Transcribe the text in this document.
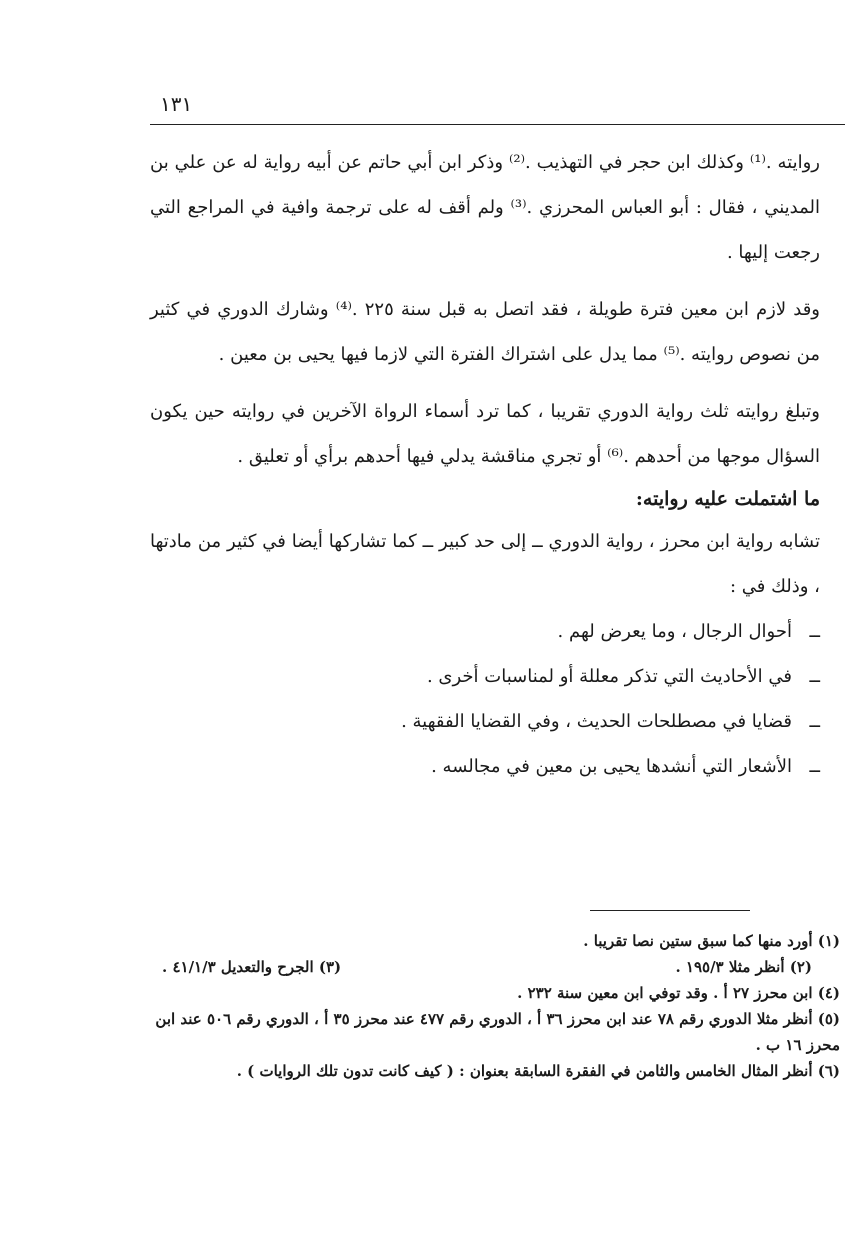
١٣١

روايته .⁽¹⁾ وكذلك ابن حجر في التهذيب .⁽²⁾ وذكر ابن أبي حاتم عن أبيه رواية له عن علي بن المديني ، فقال : أبو العباس المحرزي .⁽³⁾ ولم أقف له على ترجمة وافية في المراجع التي رجعت إليها .

وقد لازم ابن معين فترة طويلة ، فقد اتصل به قبل سنة ٢٢٥ .⁽⁴⁾ وشارك الدوري في كثير من نصوص روايته .⁽⁵⁾ مما يدل على اشتراك الفترة التي لازما فيها يحيى بن معين .

وتبلغ روايته ثلث رواية الدوري تقريبا ، كما ترد أسماء الرواة الآخرين في روايته حين يكون السؤال موجها من أحدهم .⁽⁶⁾ أو تجري مناقشة يدلي فيها أحدهم برأي أو تعليق .

ما اشتملت عليه روايته:

تشابه رواية ابن محرز ، رواية الدوري ــ إلى حد كبير ــ كما تشاركها أيضا في كثير من مادتها ، وذلك في :

ــأحوال الرجال ، وما يعرض لهم .

ــفي الأحاديث التي تذكر معللة أو لمناسبات أخرى .

ــقضايا في مصطلحات الحديث ، وفي القضايا الفقهية .

ــالأشعار التي أنشدها يحيى بن معين في مجالسه .

(١) أورد منها كما سبق ستين نصا تقريبا .

(٢) أنظر مثلا ١٩٥/٣ .
(٣) الجرح والتعديل ٤١/١/٣ .

(٤) ابن محرز ٢٧ أ . وقد توفي ابن معين سنة ٢٣٢ .

(٥) أنظر مثلا الدوري رقم ٧٨ عند ابن محرز ٣٦ أ ، الدوري رقم ٤٧٧ عند محرز ٣٥ أ ، الدوري رقم ٥٠٦ عند ابن محرز ١٦ ب .

(٦) أنظر المثال الخامس والثامن في الفقرة السابقة بعنوان : ( كيف كانت تدون تلك الروايات ) .
